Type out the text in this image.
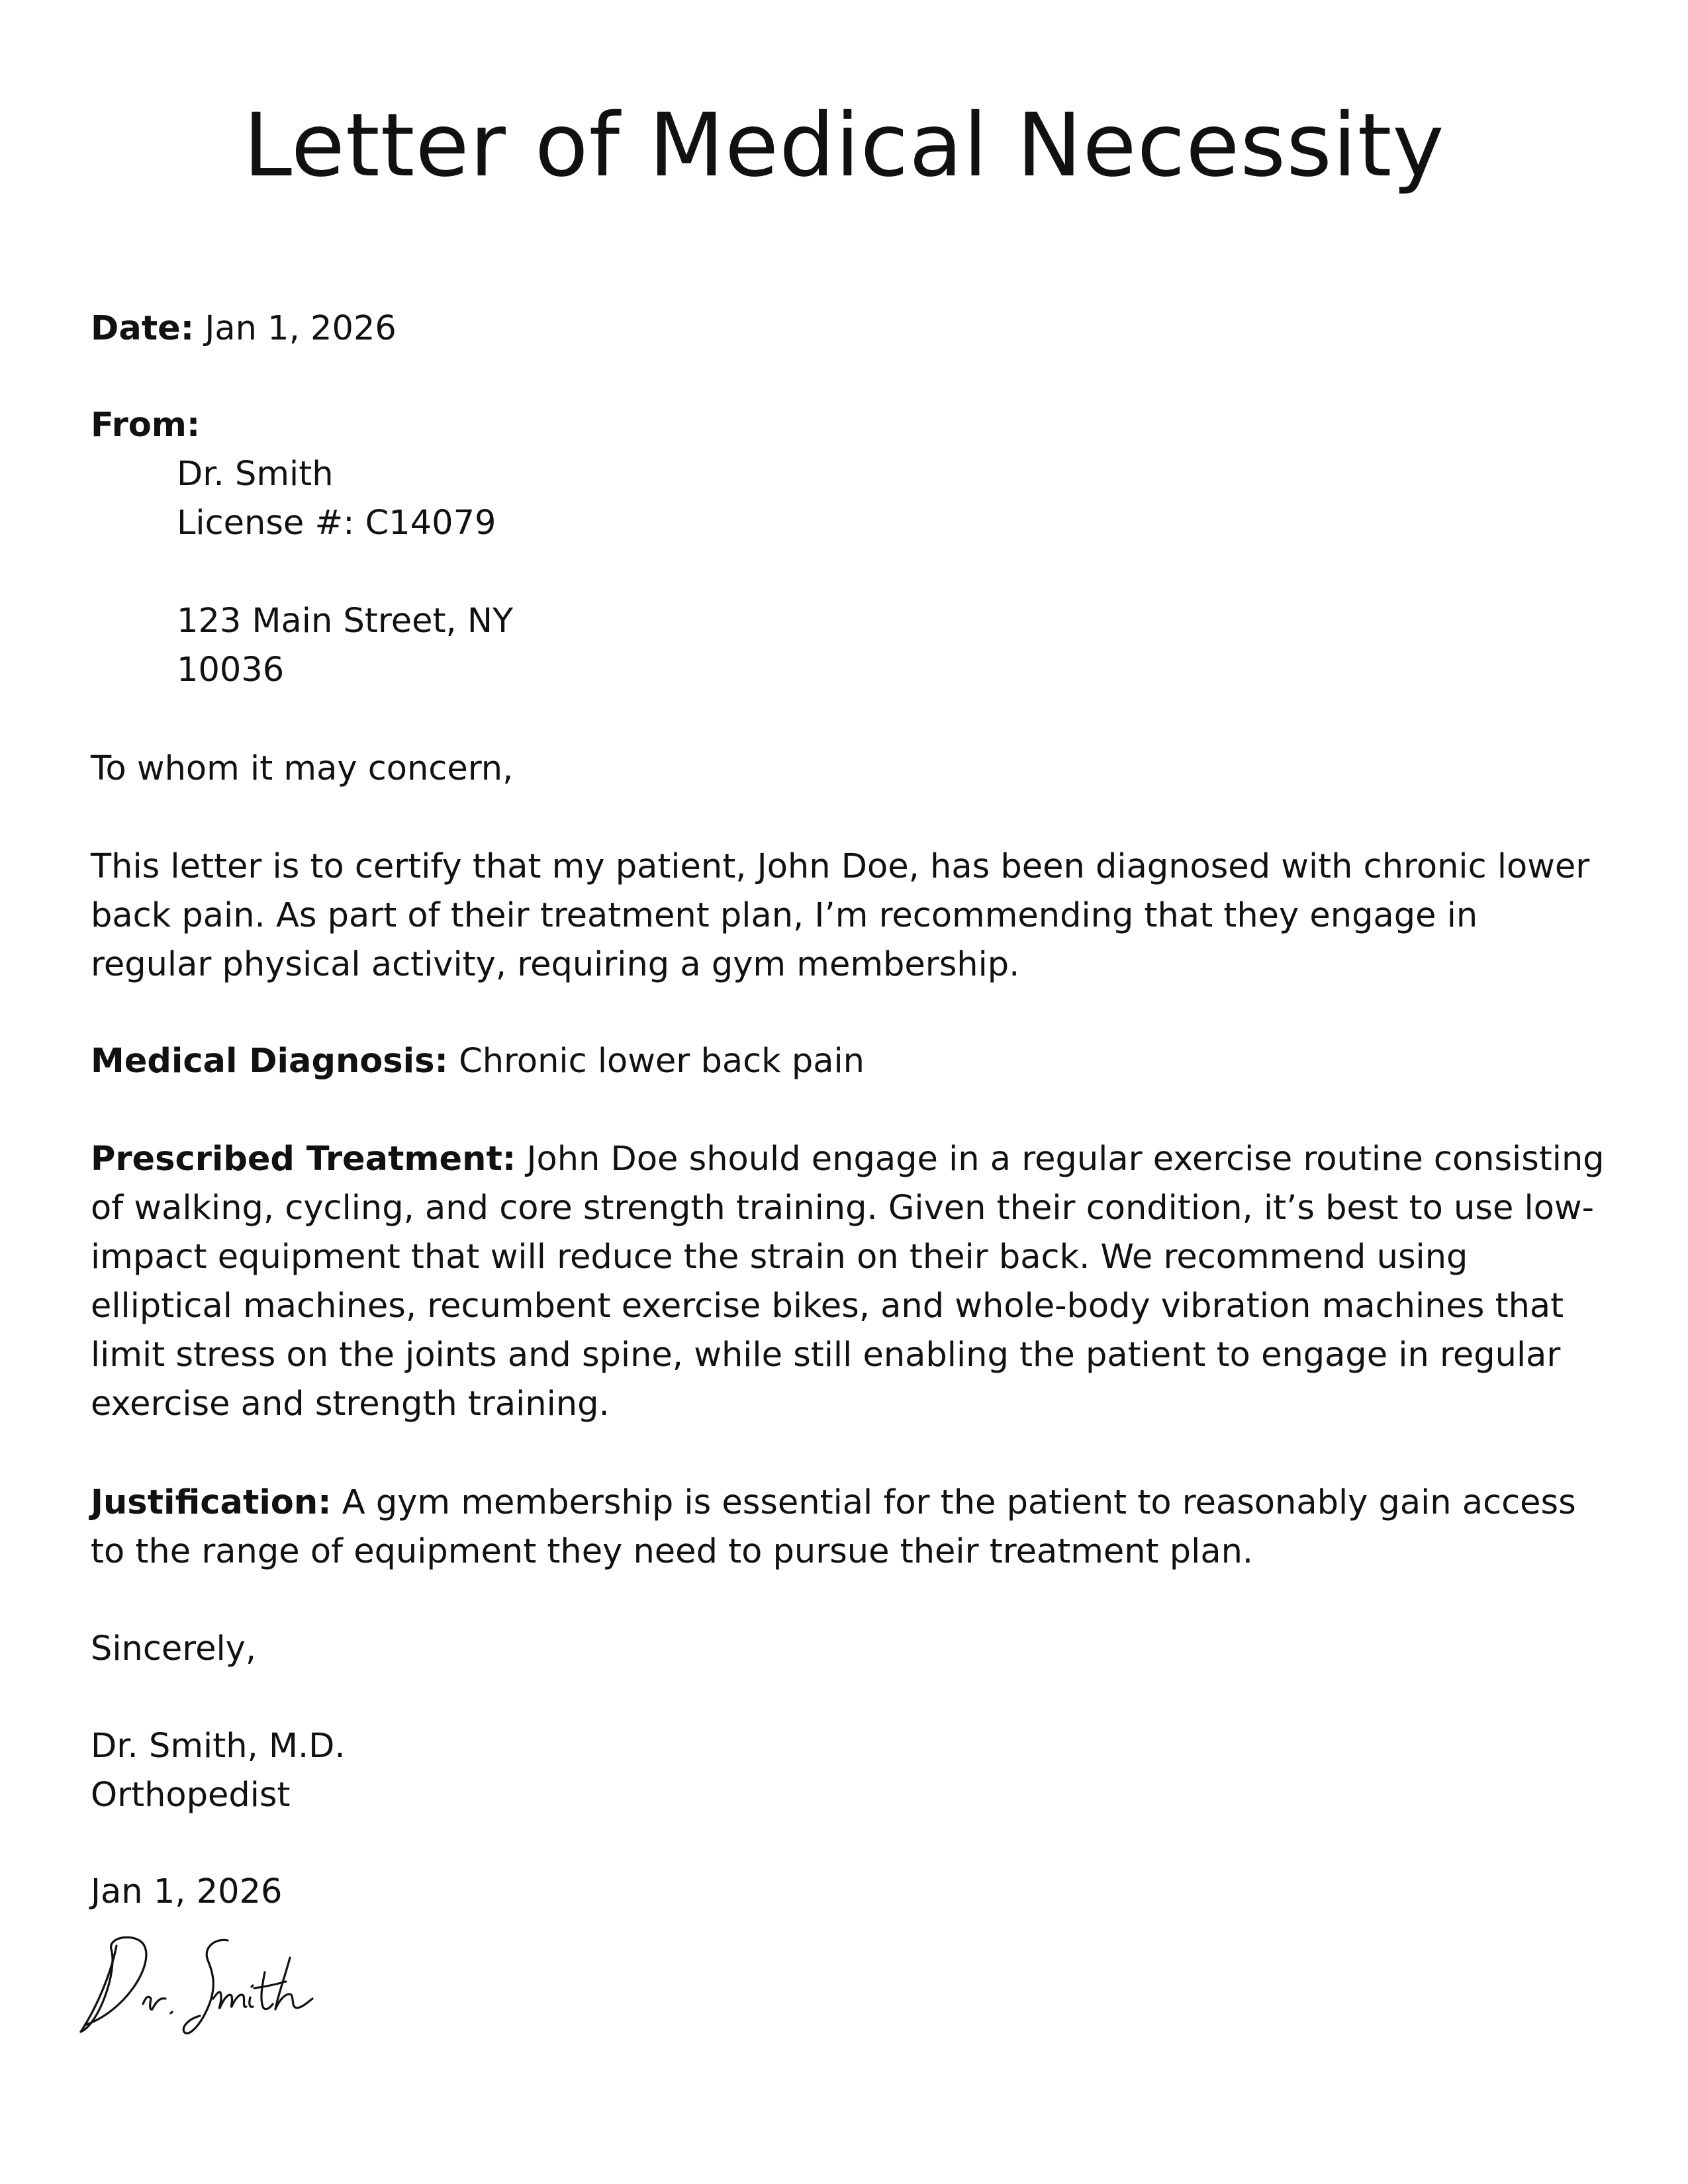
Letter of Medical Necessity
Date: Jan 1, 2026
From:
Dr. Smith
License #: C14079
123 Main Street, NY
10036
To whom it may concern,
This letter is to certify that my patient, John Doe, has been diagnosed with chronic lower back pain. As part of their treatment plan, I’m recommending that they engage in regular physical activity, requiring a gym membership.
Medical Diagnosis: Chronic lower back pain
Prescribed Treatment: John Doe should engage in a regular exercise routine consisting of walking, cycling, and core strength training. Given their condition, it’s best to use low-impact equipment that will reduce the strain on their back. We recommend using elliptical machines, recumbent exercise bikes, and whole-body vibration machines that limit stress on the joints and spine, while still enabling the patient to engage in regular exercise and strength training.
Justification: A gym membership is essential for the patient to reasonably gain access to the range of equipment they need to pursue their treatment plan.
Sincerely,
Dr. Smith, M.D.
Orthopedist
Jan 1, 2026
